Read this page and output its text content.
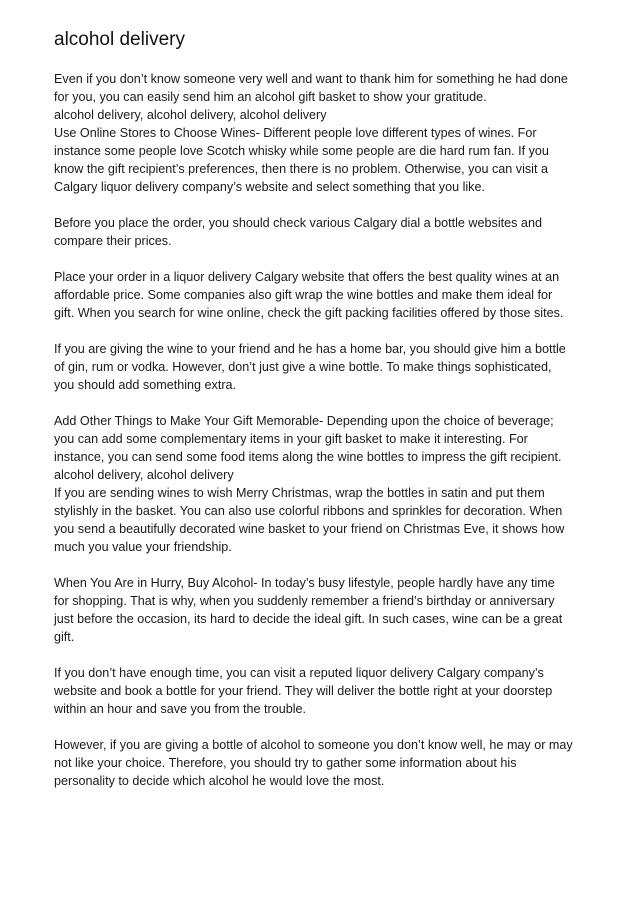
alcohol delivery

Even if you don’t know someone very well and want to thank him for something he had done
for you, you can easily send him an alcohol gift basket to show your gratitude.
alcohol delivery, alcohol delivery, alcohol delivery
Use Online Stores to Choose Wines- Different people love different types of wines. For
instance some people love Scotch whisky while some people are die hard rum fan. If you
know the gift recipient’s preferences, then there is no problem. Otherwise, you can visit a
Calgary liquor delivery company’s website and select something that you like.

Before you place the order, you should check various Calgary dial a bottle websites and
compare their prices.

Place your order in a liquor delivery Calgary website that offers the best quality wines at an
affordable price. Some companies also gift wrap the wine bottles and make them ideal for
gift. When you search for wine online, check the gift packing facilities offered by those sites.

If you are giving the wine to your friend and he has a home bar, you should give him a bottle
of gin, rum or vodka. However, don’t just give a wine bottle. To make things sophisticated,
you should add something extra.

Add Other Things to Make Your Gift Memorable- Depending upon the choice of beverage;
you can add some complementary items in your gift basket to make it interesting. For
instance, you can send some food items along the wine bottles to impress the gift recipient.
alcohol delivery, alcohol delivery
If you are sending wines to wish Merry Christmas, wrap the bottles in satin and put them
stylishly in the basket. You can also use colorful ribbons and sprinkles for decoration. When
you send a beautifully decorated wine basket to your friend on Christmas Eve, it shows how
much you value your friendship.

When You Are in Hurry, Buy Alcohol- In today’s busy lifestyle, people hardly have any time
for shopping. That is why, when you suddenly remember a friend’s birthday or anniversary
just before the occasion, its hard to decide the ideal gift. In such cases, wine can be a great
gift.

If you don’t have enough time, you can visit a reputed liquor delivery Calgary company’s
website and book a bottle for your friend. They will deliver the bottle right at your doorstep
within an hour and save you from the trouble.

However, if you are giving a bottle of alcohol to someone you don’t know well, he may or may
not like your choice. Therefore, you should try to gather some information about his
personality to decide which alcohol he would love the most.
